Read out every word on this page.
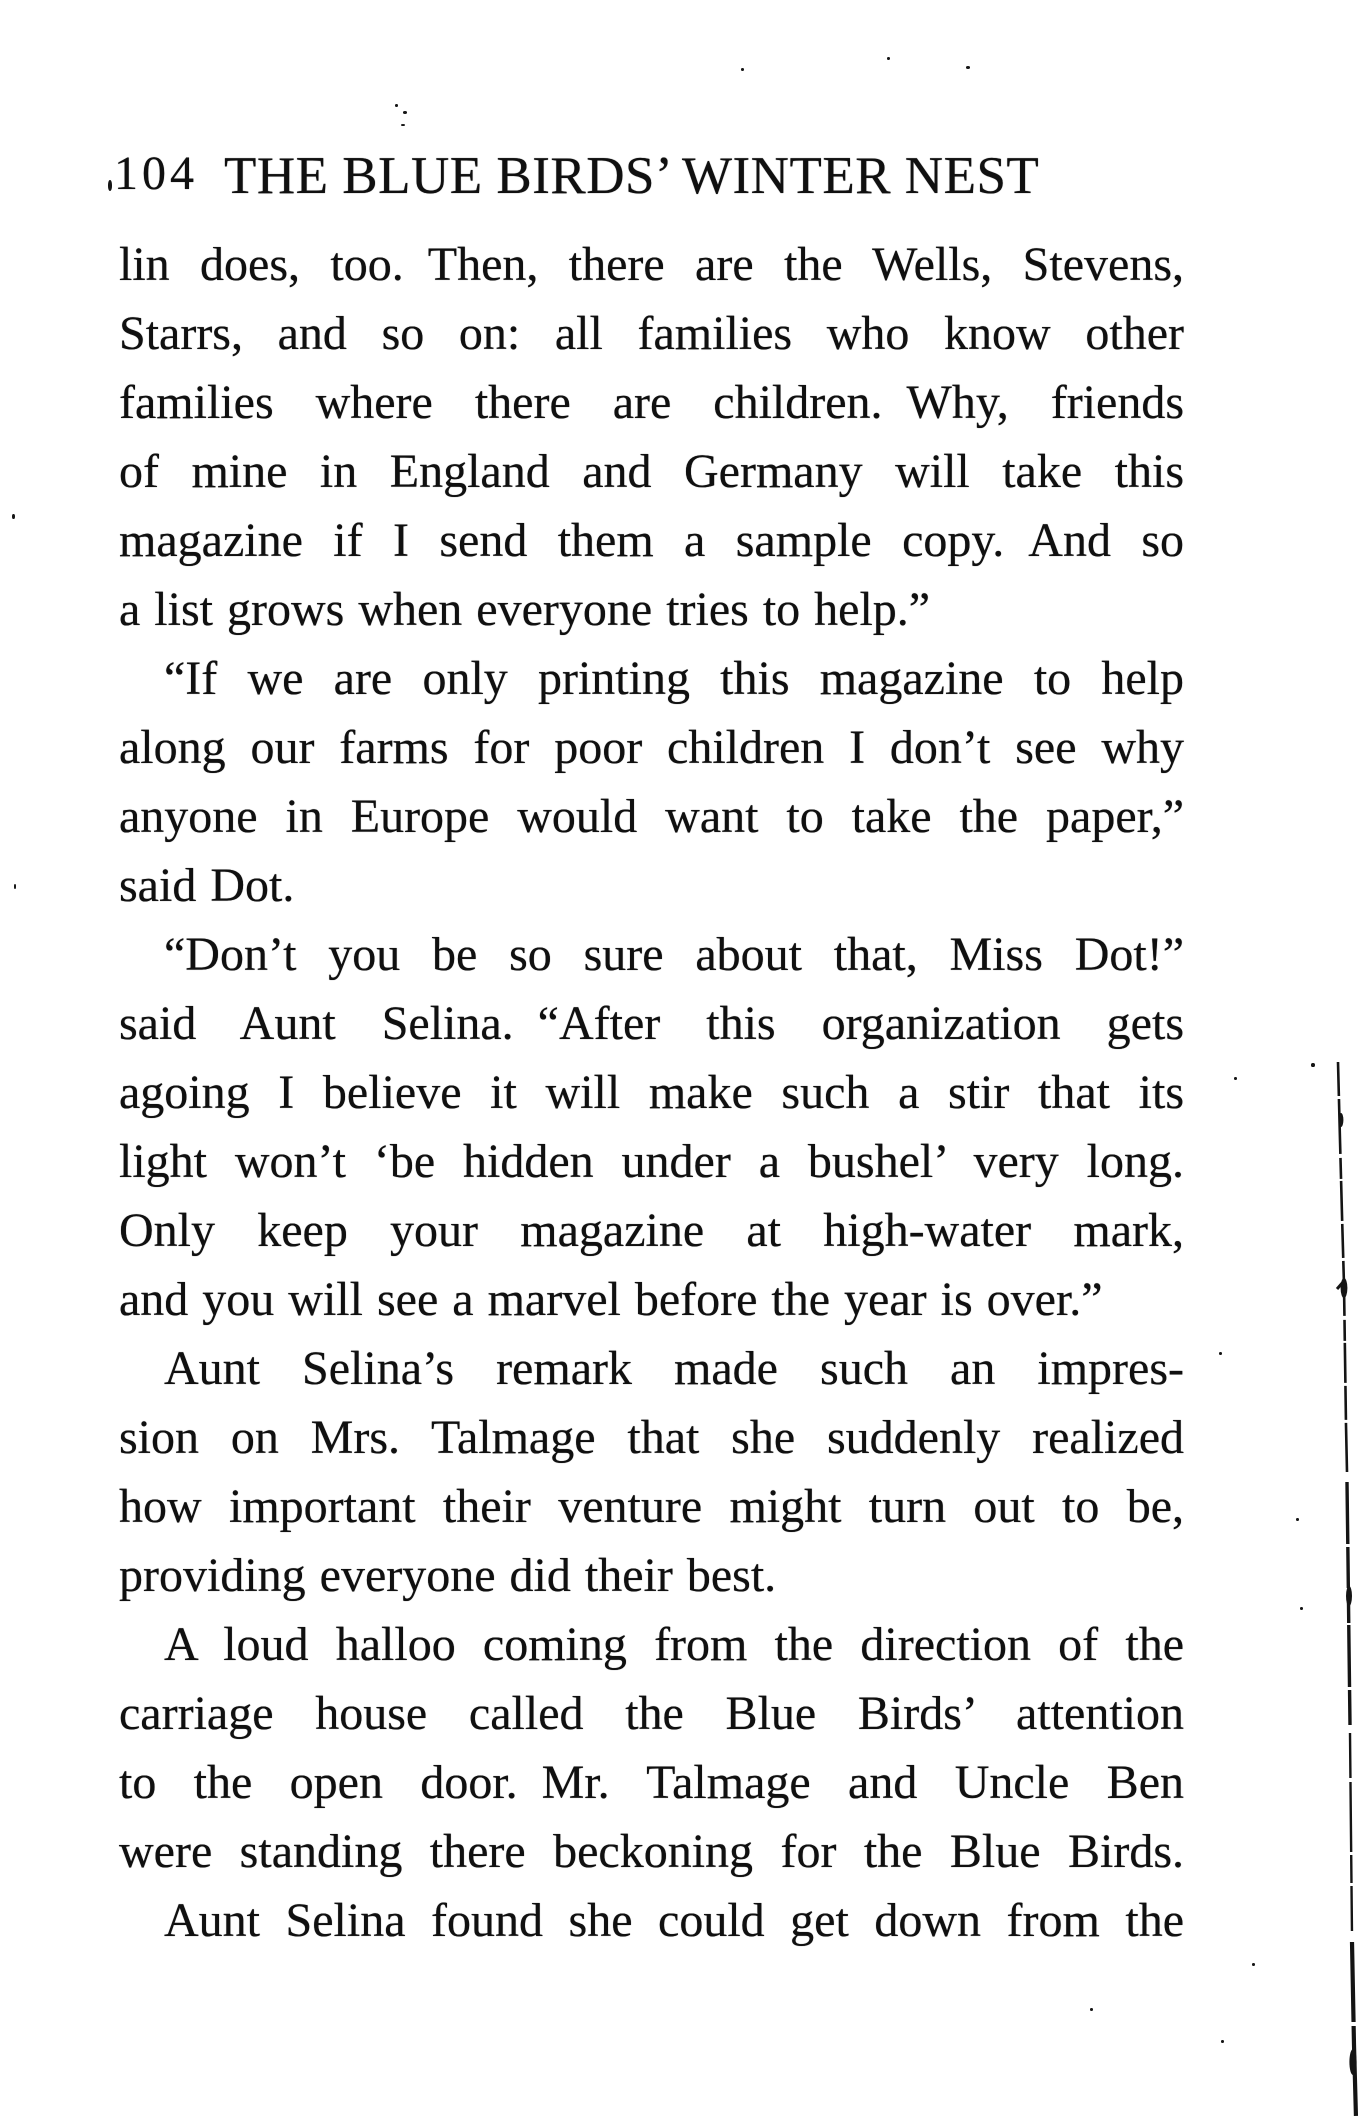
104 THE BLUE BIRDS’ WINTER NEST
lin does, too. Then, there are the Wells, Stevens,
Starrs, and so on: all families who know other
families where there are children. Why, friends
of mine in England and Germany will take this
magazine if I send them a sample copy. And so
a list grows when everyone tries to help.”
“If we are only printing this magazine to help
along our farms for poor children I don’t see why
anyone in Europe would want to take the paper,”
said Dot.
“Don’t you be so sure about that, Miss Dot!”
said Aunt Selina. “After this organization gets
agoing I believe it will make such a stir that its
light won’t ‘be hidden under a bushel’ very long.
Only keep your magazine at high-water mark,
and you will see a marvel before the year is over.”
Aunt Selina’s remark made such an impres-
sion on Mrs. Talmage that she suddenly realized
how important their venture might turn out to be,
providing everyone did their best.
A loud halloo coming from the direction of the
carriage house called the Blue Birds’ attention
to the open door. Mr. Talmage and Uncle Ben
were standing there beckoning for the Blue Birds.
Aunt Selina found she could get down from the
